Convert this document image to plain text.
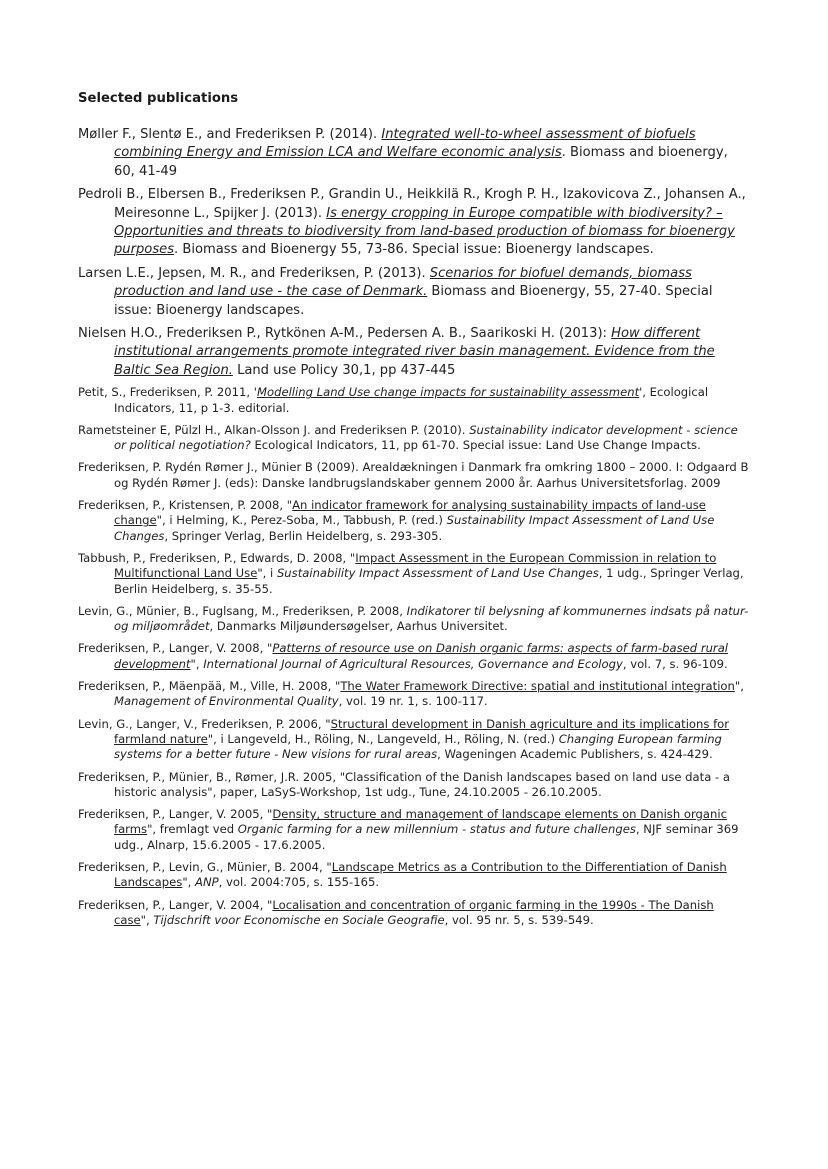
Selected publications
Møller F., Slentø E., and Frederiksen P. (2014). Integrated well-to-wheel assessment of biofuels combining Energy and Emission LCA and Welfare economic analysis. Biomass and bioenergy, 60, 41-49
Pedroli B., Elbersen B., Frederiksen P., Grandin U., Heikkilä R., Krogh P. H., Izakovicova Z., Johansen A., Meiresonne L., Spijker J. (2013). Is energy cropping in Europe compatible with biodiversity? – Opportunities and threats to biodiversity from land-based production of biomass for bioenergy purposes. Biomass and Bioenergy 55, 73-86. Special issue: Bioenergy landscapes.
Larsen L.E., Jepsen, M. R., and Frederiksen, P. (2013). Scenarios for biofuel demands, biomass production and land use - the case of Denmark. Biomass and Bioenergy, 55, 27-40. Special issue: Bioenergy landscapes.
Nielsen H.O., Frederiksen P., Rytkönen A-M., Pedersen A. B., Saarikoski H. (2013): How different institutional arrangements promote integrated river basin management. Evidence from the Baltic Sea Region. Land use Policy 30,1, pp 437-445
Petit, S., Frederiksen, P. 2011, 'Modelling Land Use change impacts for sustainability assessment', Ecological Indicators, 11, p 1-3. editorial.
Rametsteiner E, Pülzl H., Alkan-Olsson J. and Frederiksen P. (2010). Sustainability indicator development - science or political negotiation? Ecological Indicators, 11, pp 61-70. Special issue: Land Use Change Impacts.
Frederiksen, P. Rydén Rømer J., Münier B (2009). Arealdækningen i Danmark fra omkring 1800 – 2000. I: Odgaard B og Rydén Rømer J. (eds): Danske landbrugslandskaber gennem 2000 år. Aarhus Universitetsforlag. 2009
Frederiksen, P., Kristensen, P. 2008, "An indicator framework for analysing sustainability impacts of land-use change", i Helming, K., Perez-Soba, M., Tabbush, P. (red.) Sustainability Impact Assessment of Land Use Changes, Springer Verlag, Berlin Heidelberg, s. 293-305.
Tabbush, P., Frederiksen, P., Edwards, D. 2008, "Impact Assessment in the European Commission in relation to Multifunctional Land Use", i Sustainability Impact Assessment of Land Use Changes, 1 udg., Springer Verlag, Berlin Heidelberg, s. 35-55.
Levin, G., Münier, B., Fuglsang, M., Frederiksen, P. 2008, Indikatorer til belysning af kommunernes indsats på natur- og miljøområdet, Danmarks Miljøundersøgelser, Aarhus Universitet.
Frederiksen, P., Langer, V. 2008, "Patterns of resource use on Danish organic farms: aspects of farm-based rural development", International Journal of Agricultural Resources, Governance and Ecology, vol. 7, s. 96-109.
Frederiksen, P., Mäenpää, M., Ville, H. 2008, "The Water Framework Directive: spatial and institutional integration", Management of Environmental Quality, vol. 19 nr. 1, s. 100-117.
Levin, G., Langer, V., Frederiksen, P. 2006, "Structural development in Danish agriculture and its implications for farmland nature", i Langeveld, H., Röling, N., Langeveld, H., Röling, N. (red.) Changing European farming systems for a better future - New visions for rural areas, Wageningen Academic Publishers, s. 424-429.
Frederiksen, P., Münier, B., Rømer, J.R. 2005, "Classification of the Danish landscapes based on land use data - a historic analysis", paper, LaSyS-Workshop, 1st udg., Tune, 24.10.2005 - 26.10.2005.
Frederiksen, P., Langer, V. 2005, "Density, structure and management of landscape elements on Danish organic farms", fremlagt ved Organic farming for a new millennium - status and future challenges, NJF seminar 369 udg., Alnarp, 15.6.2005 - 17.6.2005.
Frederiksen, P., Levin, G., Münier, B. 2004, "Landscape Metrics as a Contribution to the Differentiation of Danish Landscapes", ANP, vol. 2004:705, s. 155-165.
Frederiksen, P., Langer, V. 2004, "Localisation and concentration of organic farming in the 1990s - The Danish case", Tijdschrift voor Economische en Sociale Geografie, vol. 95 nr. 5, s. 539-549.
